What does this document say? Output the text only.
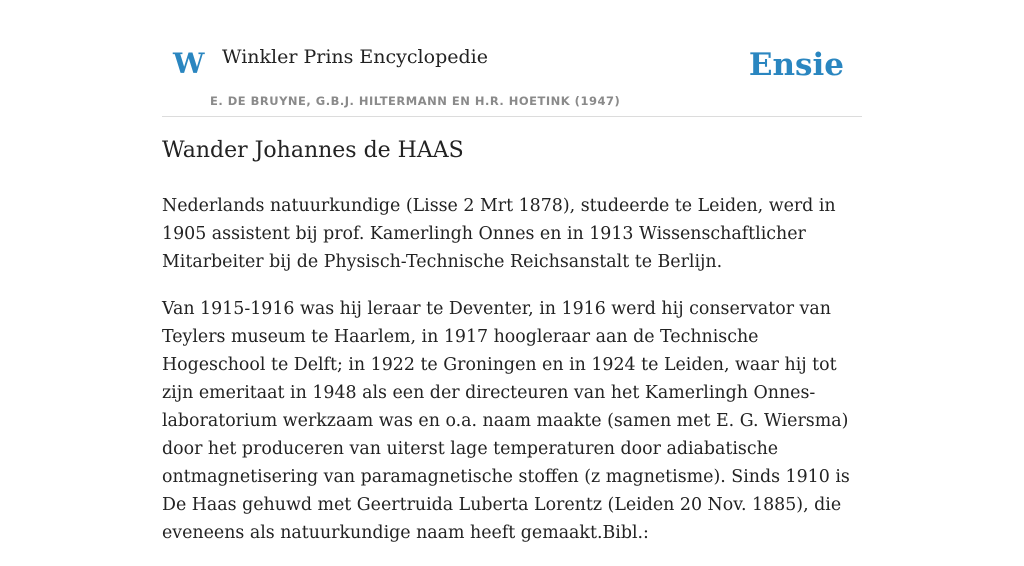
W Winkler Prins Encyclopedie
E. DE BRUYNE, G.B.J. HILTERMANN EN H.R. HOETINK (1947)
Ensie
Wander Johannes de HAAS

Nederlands natuurkundige (Lisse 2 Mrt 1878), studeerde te Leiden, werd in 1905 assistent bij prof. Kamerlingh Onnes en in 1913 Wissenschaftlicher Mitarbeiter bij de Physisch-Technische Reichsanstalt te Berlijn.

Van 1915-1916 was hij leraar te Deventer, in 1916 werd hij conservator van Teylers museum te Haarlem, in 1917 hoogleraar aan de Technische Hogeschool te Delft; in 1922 te Groningen en in 1924 te Leiden, waar hij tot zijn emeritaat in 1948 als een der directeuren van het Kamerlingh Onnes-laboratorium werkzaam was en o.a. naam maakte (samen met E. G. Wiersma) door het produceren van uiterst lage temperaturen door adiabatische ontmagnetisering van paramagnetische stoffen (z magnetisme). Sinds 1910 is De Haas gehuwd met Geertruida Luberta Lorentz (Leiden 20 Nov. 1885), die eveneens als natuurkundige naam heeft gemaakt.Bibl.:
